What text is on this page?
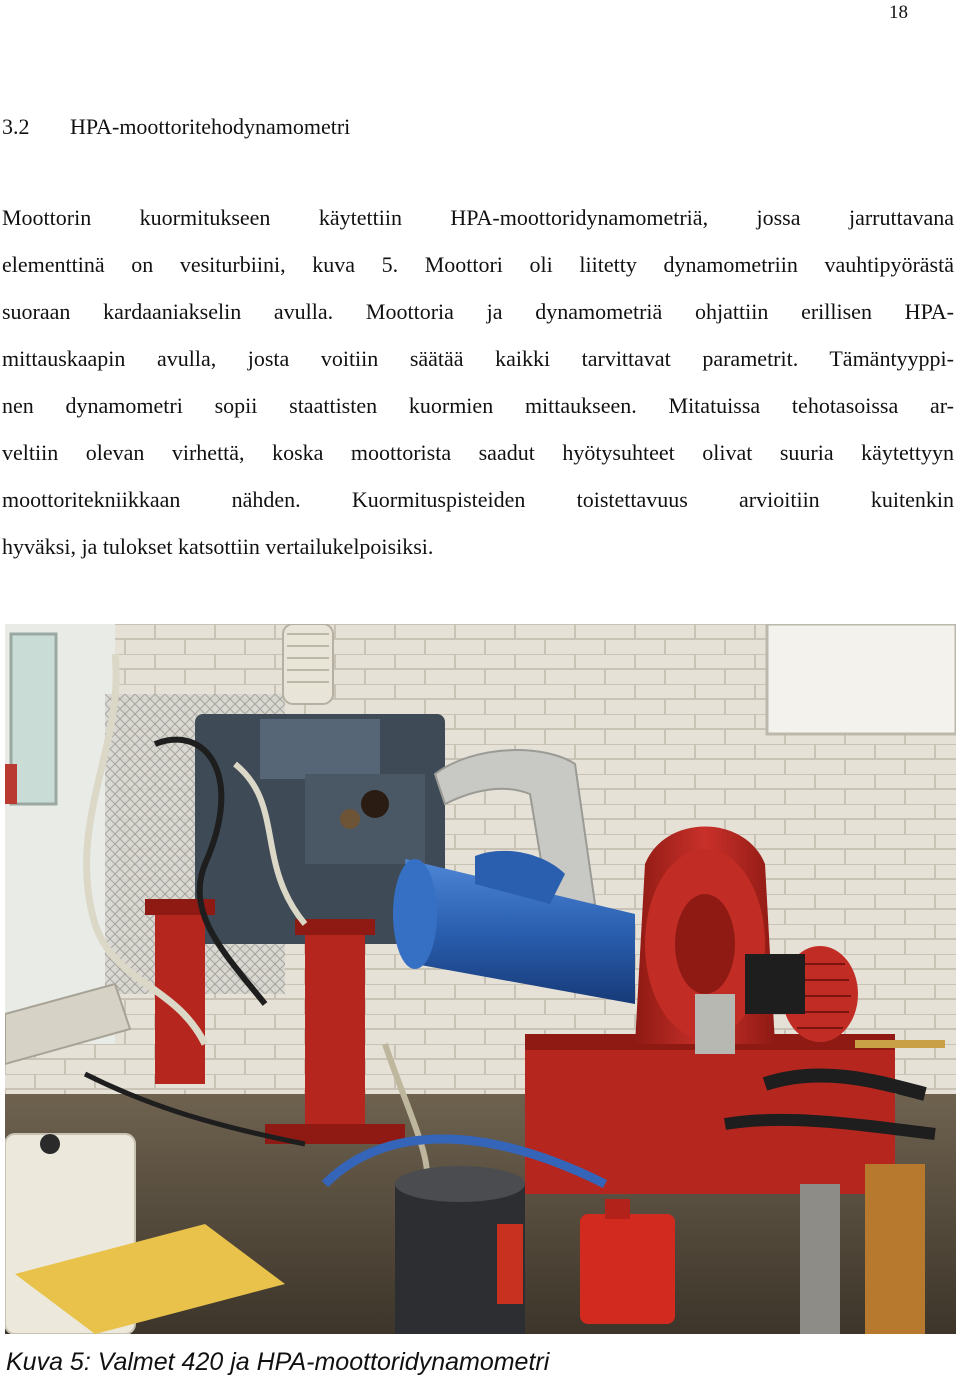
18
3.2 HPA-moottoritehodynamometri
Moottorin kuormitukseen käytettiin HPA-moottoridynamometriä, jossa jarruttavana
elementtinä on vesiturbiini, kuva 5. Moottori oli liitetty dynamometriin vauhtipyörästä
suoraan kardaaniakselin avulla. Moottoria ja dynamometriä ohjattiin erillisen HPA-
mittauskaapin avulla, josta voitiin säätää kaikki tarvittavat parametrit. Tämäntyyppi-
nen dynamometri sopii staattisten kuormien mittaukseen. Mitatuissa tehotasoissa ar-
veltiin olevan virhettä, koska moottorista saadut hyötysuhteet olivat suuria käytettyyn
moottoritekniikkaan nähden. Kuormituspisteiden toistettavuus arvioitiin kuitenkin
hyväksi, ja tulokset katsottiin vertailukelpoisiksi.
Kuva 5: Valmet 420 ja HPA-moottoridynamometri
